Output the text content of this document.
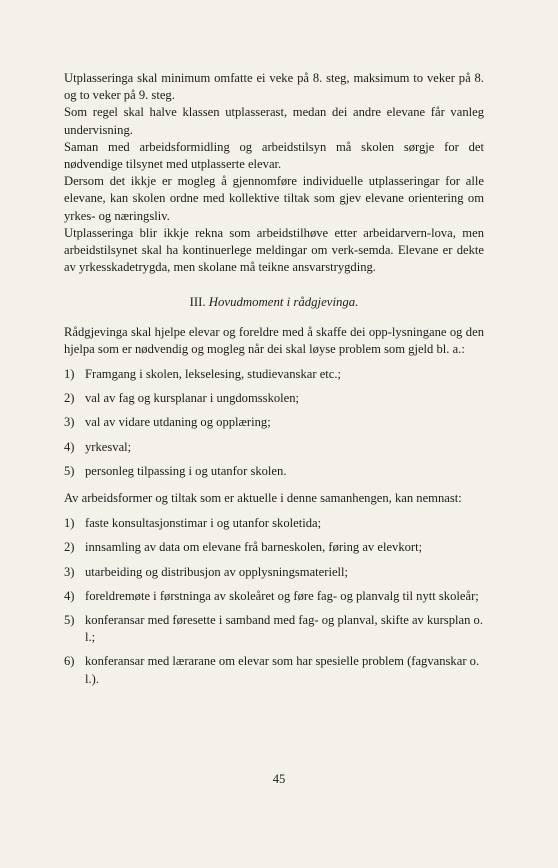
Utplasseringa skal minimum omfatte ei veke på 8. steg, maksimum to veker på 8. og to veker på 9. steg.

Som regel skal halve klassen utplasserast, medan dei andre elevane får vanleg undervisning.

Saman med arbeidsformidling og arbeidstilsyn må skolen sørgje for det nødvendige tilsynet med utplasserte elevar.

Dersom det ikkje er mogleg å gjennomføre individuelle utplasseringar for alle elevane, kan skolen ordne med kollektive tiltak som gjev elevane orientering om yrkes- og næringsliv.

Utplasseringa blir ikkje rekna som arbeidstilhøve etter arbeidarvern-lova, men arbeidstilsynet skal ha kontinuerlege meldingar om verk-semda. Elevane er dekte av yrkesskadetrygda, men skolane må teikne ansvarstrygding.

III. Hovudmoment i rådgjevinga.

Rådgjevinga skal hjelpe elevar og foreldre med å skaffe dei opp-lysningane og den hjelpa som er nødvendig og mogleg når dei skal løyse problem som gjeld bl. a.:

1) Framgang i skolen, lekselesing, studievanskar etc.;
2) val av fag og kursplanar i ungdomsskolen;
3) val av vidare utdaning og opplæring;
4) yrkesval;
5) personleg tilpassing i og utanfor skolen.

Av arbeidsformer og tiltak som er aktuelle i denne samanhengen, kan nemnast:

1) faste konsultasjonstimar i og utanfor skoletida;
2) innsamling av data om elevane frå barneskolen, føring av elevkort;
3) utarbeiding og distribusjon av opplysningsmateriell;
4) foreldremøte i førstninga av skoleåret og føre fag- og planvalg til nytt skoleår;
5) konferansar med føresette i samband med fag- og planval, skifte av kursplan o. l.;
6) konferansar med lærarane om elevar som har spesielle problem (fagvanskar o. l.).
45
